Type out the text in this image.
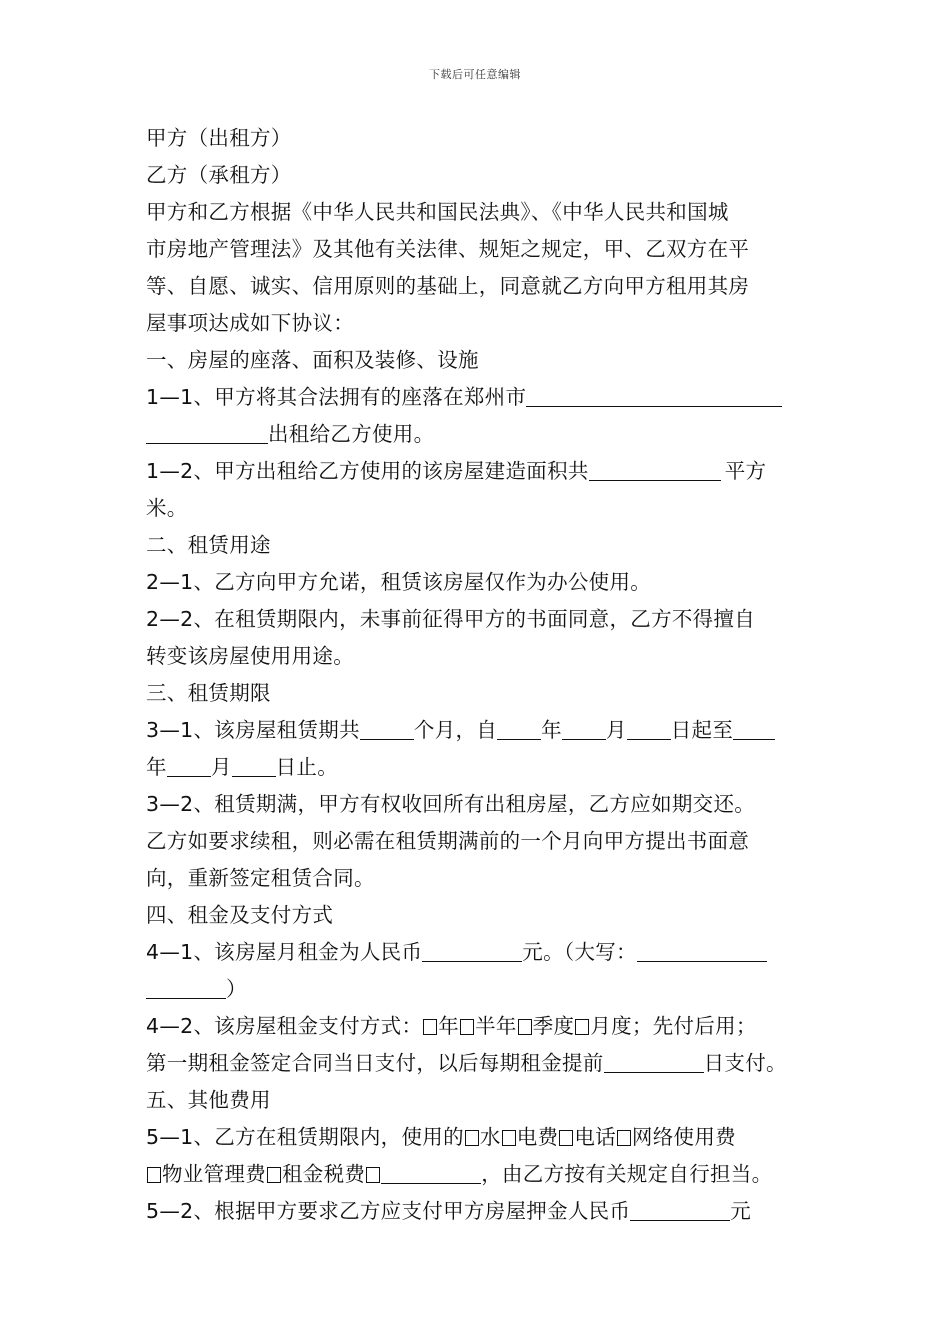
下载后可任意编辑
甲方（出租方）
乙方（承租方）
甲方和乙方根据《中华人民共和国民法典》、《中华人民共和国城
市房地产管理法》及其他有关法律、规矩之规定，甲、乙双方在平
等、自愿、诚实、信用原则的基础上，同意就乙方向甲方租用其房
屋事项达成如下协议：
一、房屋的座落、面积及装修、设施
1—1、甲方将其合法拥有的座落在郑州市
出租给乙方使用。
1—2、甲方出租给乙方使用的该房屋建造面积共	平方
米。
二、租赁用途
2—1、乙方向甲方允诺，租赁该房屋仅作为办公使用。
2—2、在租赁期限内，未事前征得甲方的书面同意，乙方不得擅自
转变该房屋使用用途。
三、租赁期限
3—1、该房屋租赁期共	个月，自 年 月 日起至
年 月 日止。
3—2、租赁期满，甲方有权收回所有出租房屋，乙方应如期交还。
乙方如要求续租，则必需在租赁期满前的一个月向甲方提出书面意
向，重新签定租赁合同。
四、租金及支付方式
4—1、该房屋月租金为人民币	元。（大写：
）
4—2、该房屋租金支付方式： 年 半年 季度 月度；先付后用；
第一期租金签定合同当日支付，以后每期租金提前	日支付。
五、其他费用
5—1、乙方在租赁期限内，使用的 水 电费 电话 网络使用费
物业管理费 租金税费	，由乙方按有关规定自行担当。
5—2、根据甲方要求乙方应支付甲方房屋押金人民币	元
